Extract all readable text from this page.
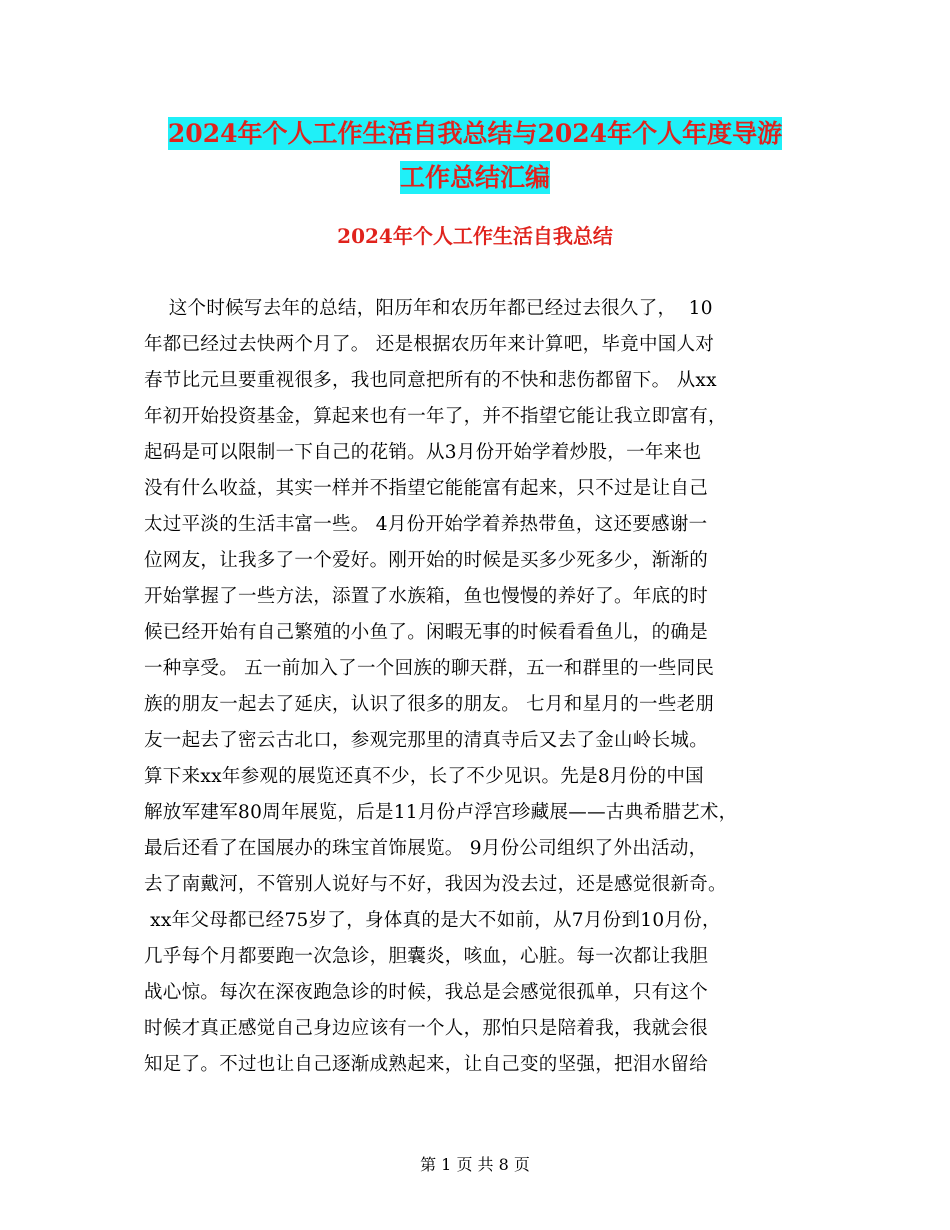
2024年个人工作生活自我总结与2024年个人年度导游
工作总结汇编
2024年个人工作生活自我总结

这个时候写去年的总结，阳历年和农历年都已经过去很久了，  10

年都已经过去快两个月了。 还是根据农历年来计算吧，毕竟中国人对

春节比元旦要重视很多，我也同意把所有的不快和悲伤都留下。 从xx

年初开始投资基金，算起来也有一年了，并不指望它能让我立即富有，

起码是可以限制一下自己的花销。从3月份开始学着炒股，一年来也

没有什么收益，其实一样并不指望它能能富有起来，只不过是让自己

太过平淡的生活丰富一些。 4月份开始学着养热带鱼，这还要感谢一

位网友，让我多了一个爱好。刚开始的时候是买多少死多少，渐渐的

开始掌握了一些方法，添置了水族箱，鱼也慢慢的养好了。年底的时

候已经开始有自己繁殖的小鱼了。闲暇无事的时候看看鱼儿，的确是

一种享受。 五一前加入了一个回族的聊天群，五一和群里的一些同民

族的朋友一起去了延庆，认识了很多的朋友。 七月和星月的一些老朋

友一起去了密云古北口，参观完那里的清真寺后又去了金山岭长城。

算下来xx年参观的展览还真不少，长了不少见识。先是8月份的中国

解放军建军80周年展览，后是11月份卢浮宫珍藏展——古典希腊艺术，

最后还看了在国展办的珠宝首饰展览。 9月份公司组织了外出活动，

去了南戴河，不管别人说好与不好，我因为没去过，还是感觉很新奇。

xx年父母都已经75岁了，身体真的是大不如前，从7月份到10月份，

几乎每个月都要跑一次急诊，胆囊炎，咳血，心脏。每一次都让我胆

战心惊。每次在深夜跑急诊的时候，我总是会感觉很孤单，只有这个

时候才真正感觉自己身边应该有一个人，那怕只是陪着我，我就会很

知足了。不过也让自己逐渐成熟起来，让自己变的坚强，把泪水留给

第 1 页 共 8 页
